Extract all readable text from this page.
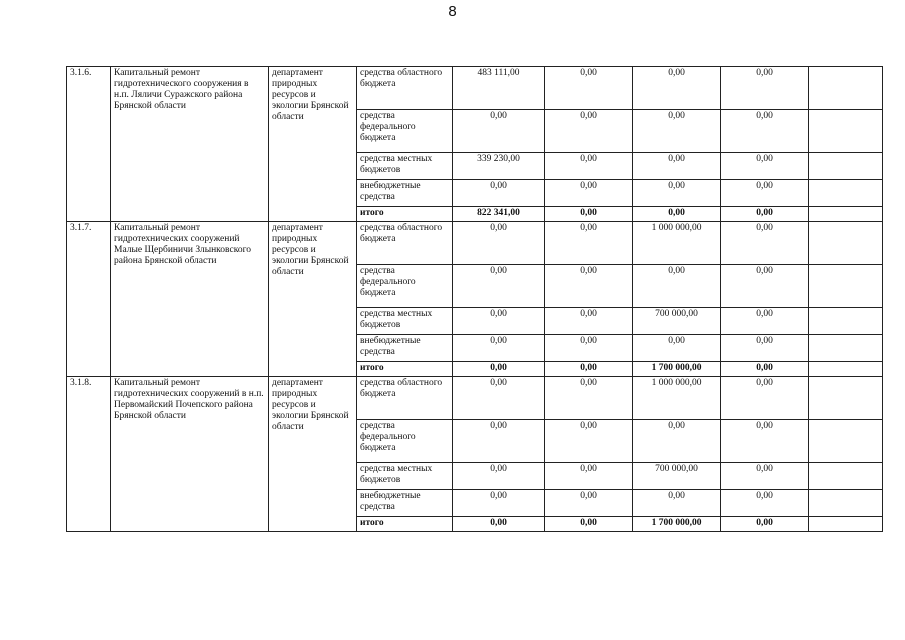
8
3.1.6.	Капитальный ремонт гидротехнического сооружения в н.п. Ляличи Суражского района Брянской области	департамент природных ресурсов и экологии Брянской области	средства областного бюджета	483 111,00	0,00	0,00	0,00	
			средства федерального бюджета	0,00	0,00	0,00	0,00	
			средства местных бюджетов	339 230,00	0,00	0,00	0,00	
			внебюджетные средства	0,00	0,00	0,00	0,00	
			итого	822 341,00	0,00	0,00	0,00	
3.1.7.	Капитальный ремонт гидротехнических сооружений Малые Щербиничи Злынковского района Брянской области	департамент природных ресурсов и экологии Брянской области	средства областного бюджета	0,00	0,00	1 000 000,00	0,00	
			средства федерального бюджета	0,00	0,00	0,00	0,00	
			средства местных бюджетов	0,00	0,00	700 000,00	0,00	
			внебюджетные средства	0,00	0,00	0,00	0,00	
			итого	0,00	0,00	1 700 000,00	0,00	
3.1.8.	Капитальный ремонт гидротехнических сооружений в н.п. Первомайский Почепского района Брянской области	департамент природных ресурсов и экологии Брянской области	средства областного бюджета	0,00	0,00	1 000 000,00	0,00	
			средства федерального бюджета	0,00	0,00	0,00	0,00	
			средства местных бюджетов	0,00	0,00	700 000,00	0,00	
			внебюджетные средства	0,00	0,00	0,00	0,00	
			итого	0,00	0,00	1 700 000,00	0,00	
